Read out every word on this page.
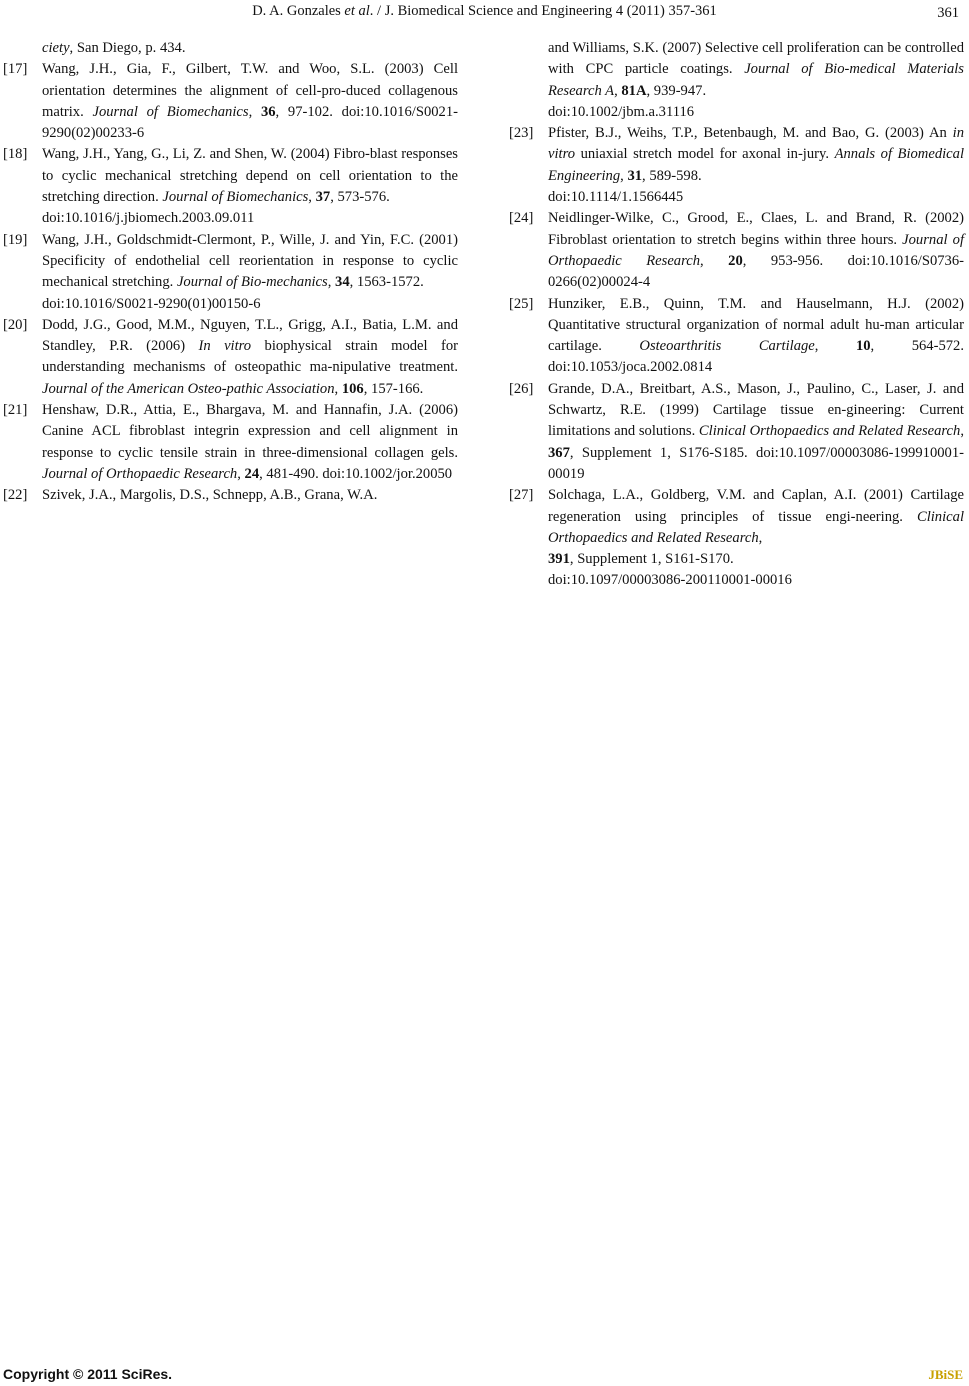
D. A. Gonzales et al. / J. Biomedical Science and Engineering 4 (2011) 357-361	361
ciety, San Diego, p. 434.
[17] Wang, J.H., Gia, F., Gilbert, T.W. and Woo, S.L. (2003) Cell orientation determines the alignment of cell-pro-duced collagenous matrix. Journal of Biomechanics, 36, 97-102. doi:10.1016/S0021-9290(02)00233-6
[18] Wang, J.H., Yang, G., Li, Z. and Shen, W. (2004) Fibro-blast responses to cyclic mechanical stretching depend on cell orientation to the stretching direction. Journal of Biomechanics, 37, 573-576.
doi:10.1016/j.jbiomech.2003.09.011
[19] Wang, J.H., Goldschmidt-Clermont, P., Wille, J. and Yin, F.C. (2001) Specificity of endothelial cell reorientation in response to cyclic mechanical stretching. Journal of Bio-mechanics, 34, 1563-1572.
doi:10.1016/S0021-9290(01)00150-6
[20] Dodd, J.G., Good, M.M., Nguyen, T.L., Grigg, A.I., Batia, L.M. and Standley, P.R. (2006) In vitro biophysical strain model for understanding mechanisms of osteopathic ma-nipulative treatment. Journal of the American Osteo-pathic Association, 106, 157-166.
[21] Henshaw, D.R., Attia, E., Bhargava, M. and Hannafin, J.A. (2006) Canine ACL fibroblast integrin expression and cell alignment in response to cyclic tensile strain in three-dimensional collagen gels. Journal of Orthopaedic Research, 24, 481-490. doi:10.1002/jor.20050
[22] Szivek, J.A., Margolis, D.S., Schnepp, A.B., Grana, W.A.
and Williams, S.K. (2007) Selective cell proliferation can be controlled with CPC particle coatings. Journal of Bio-medical Materials Research A, 81A, 939-947.
doi:10.1002/jbm.a.31116
[23] Pfister, B.J., Weihs, T.P., Betenbaugh, M. and Bao, G. (2003) An in vitro uniaxial stretch model for axonal in-jury. Annals of Biomedical Engineering, 31, 589-598.
doi:10.1114/1.1566445
[24] Neidlinger-Wilke, C., Grood, E., Claes, L. and Brand, R. (2002) Fibroblast orientation to stretch begins within three hours. Journal of Orthopaedic Research, 20, 953-956. doi:10.1016/S0736-0266(02)00024-4
[25] Hunziker, E.B., Quinn, T.M. and Hauselmann, H.J. (2002) Quantitative structural organization of normal adult hu-man articular cartilage. Osteoarthritis Cartilage, 10, 564-572. doi:10.1053/joca.2002.0814
[26] Grande, D.A., Breitbart, A.S., Mason, J., Paulino, C., Laser, J. and Schwartz, R.E. (1999) Cartilage tissue en-gineering: Current limitations and solutions. Clinical Orthopaedics and Related Research, 367, Supplement 1, S176-S185. doi:10.1097/00003086-199910001-00019
[27] Solchaga, L.A., Goldberg, V.M. and Caplan, A.I. (2001) Cartilage regeneration using principles of tissue engi-neering. Clinical Orthopaedics and Related Research,
391, Supplement 1, S161-S170.
doi:10.1097/00003086-200110001-00016
Copyright © 2011 SciRes.	JBiSE
